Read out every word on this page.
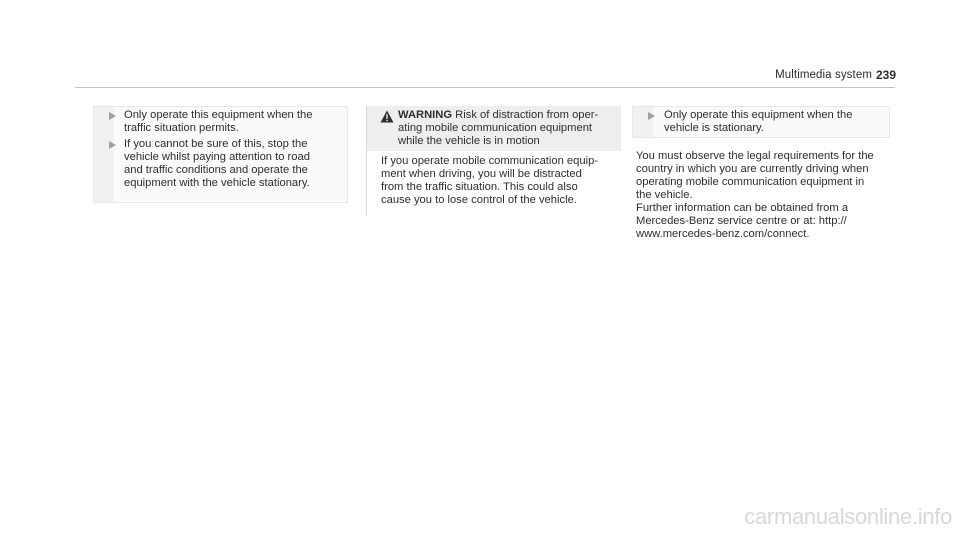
Multimedia system 239
Only operate this equipment when the
traffic situation permits.
If you cannot be sure of this, stop the
vehicle whilst paying attention to road
and traffic conditions and operate the
equipment with the vehicle stationary.
WARNING Risk of distraction from oper-
ating mobile communication equipment
while the vehicle is in motion
If you operate mobile communication equip-
ment when driving, you will be distracted
from the traffic situation. This could also
cause you to lose control of the vehicle.
Only operate this equipment when the
vehicle is stationary.
You must observe the legal requirements for the
country in which you are currently driving when
operating mobile communication equipment in
the vehicle.
Further information can be obtained from a
Mercedes-Benz service centre or at: http://
www.mercedes-benz.com/connect.
carmanualsonline.info
